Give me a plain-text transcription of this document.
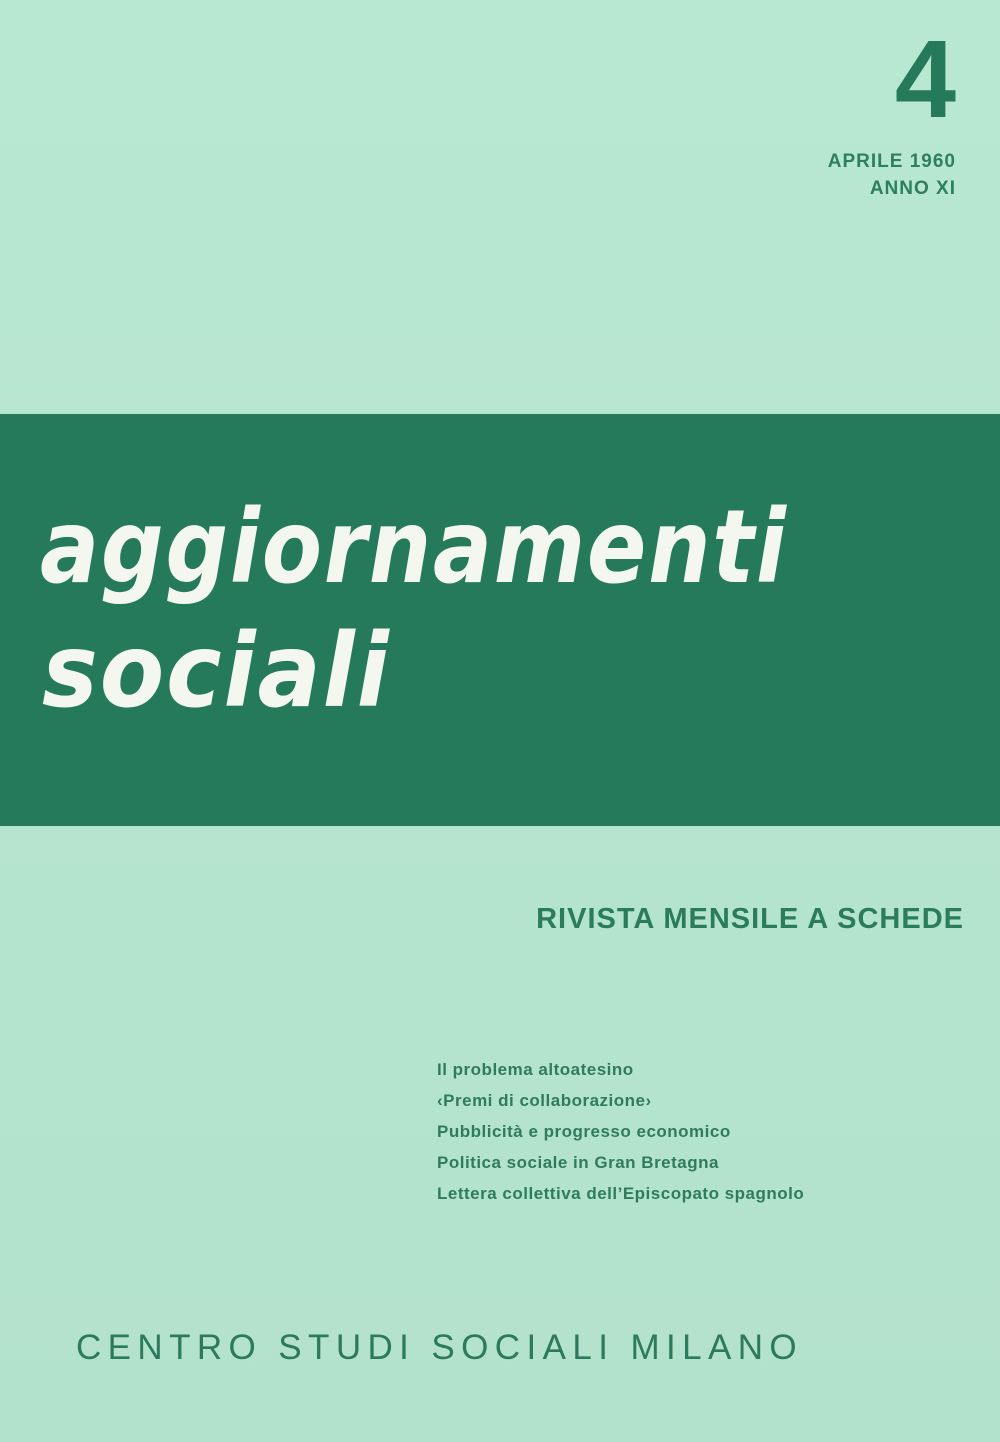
4
APRILE 1960
ANNO XI
aggiornamenti
sociali
RIVISTA MENSILE A SCHEDE
Il problema altoatesino
‹Premi di collaborazione›
Pubblicità e progresso economico
Politica sociale in Gran Bretagna
Lettera collettiva dell’Episcopato spagnolo
CENTRO STUDI SOCIALI MILANO
